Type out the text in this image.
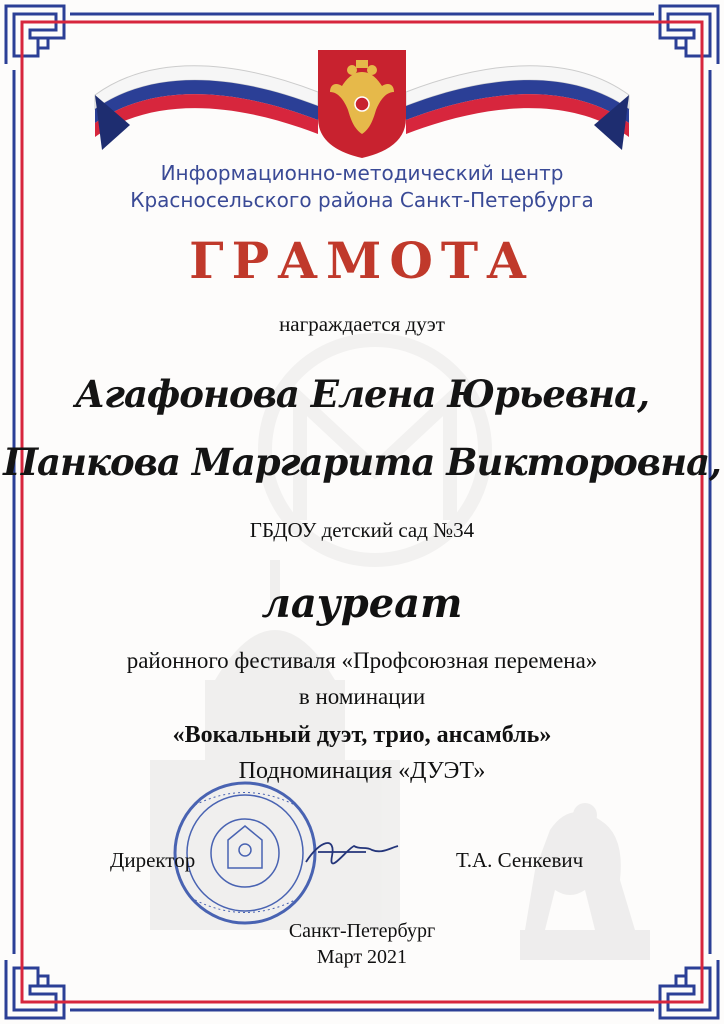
Информационно-методический центр
Красносельского района Санкт-Петербурга
ГРАМОТА
награждается дуэт
Агафонова Елена Юрьевна,
Панкова Маргарита Викторовна,
ГБДОУ детский сад №34
лауреат
районного фестиваля «Профсоюзная перемена»
в номинации
«Вокальный дуэт, трио, ансамбль»
Подноминация «ДУЭТ»
Директор	Т.А. Сенкевич
Санкт-Петербург
Март 2021
